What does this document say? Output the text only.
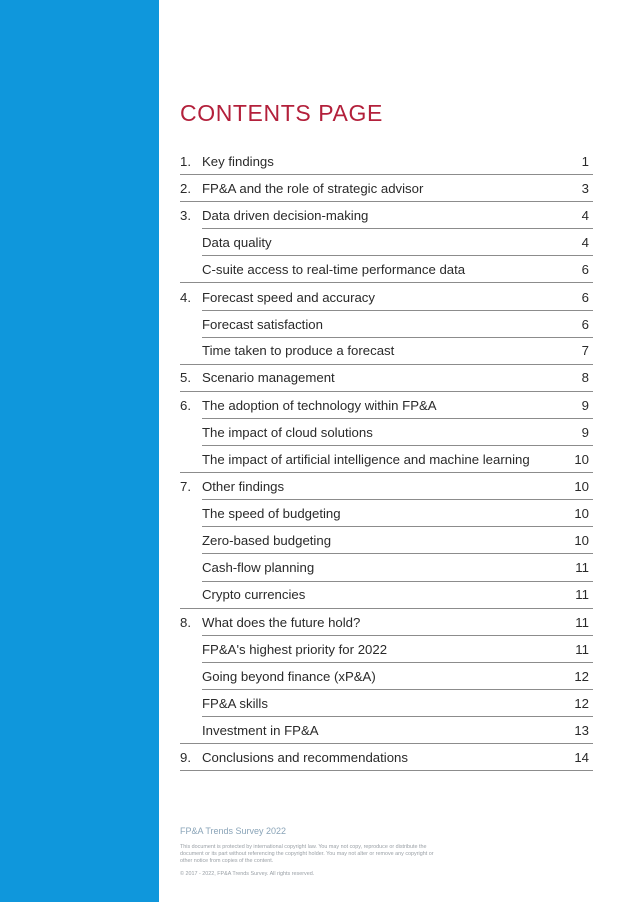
CONTENTS PAGE
1. Key findings	1
2. FP&A and the role of strategic advisor	3
3. Data driven decision-making	4
Data quality	4
C-suite access to real-time performance data	6
4. Forecast speed and accuracy	6
Forecast satisfaction	6
Time taken to produce a forecast	7
5. Scenario management	8
6. The adoption of technology within FP&A	9
The impact of cloud solutions	9
The impact of artificial intelligence and machine learning	10
7. Other findings	10
The speed of budgeting	10
Zero-based budgeting	10
Cash-flow planning	11
Crypto currencies	11
8. What does the future hold?	11
FP&A's highest priority for 2022	11
Going beyond finance (xP&A)	12
FP&A skills	12
Investment in FP&A	13
9. Conclusions and recommendations	14

FP&A Trends Survey 2022

This document is protected by international copyright law. You may not copy, reproduce or distribute the document or its part without referencing the copyright holder. You may not alter or remove any copyright or other notice from copies of the content.

© 2017 - 2022, FP&A Trends Survey. All rights reserved.
